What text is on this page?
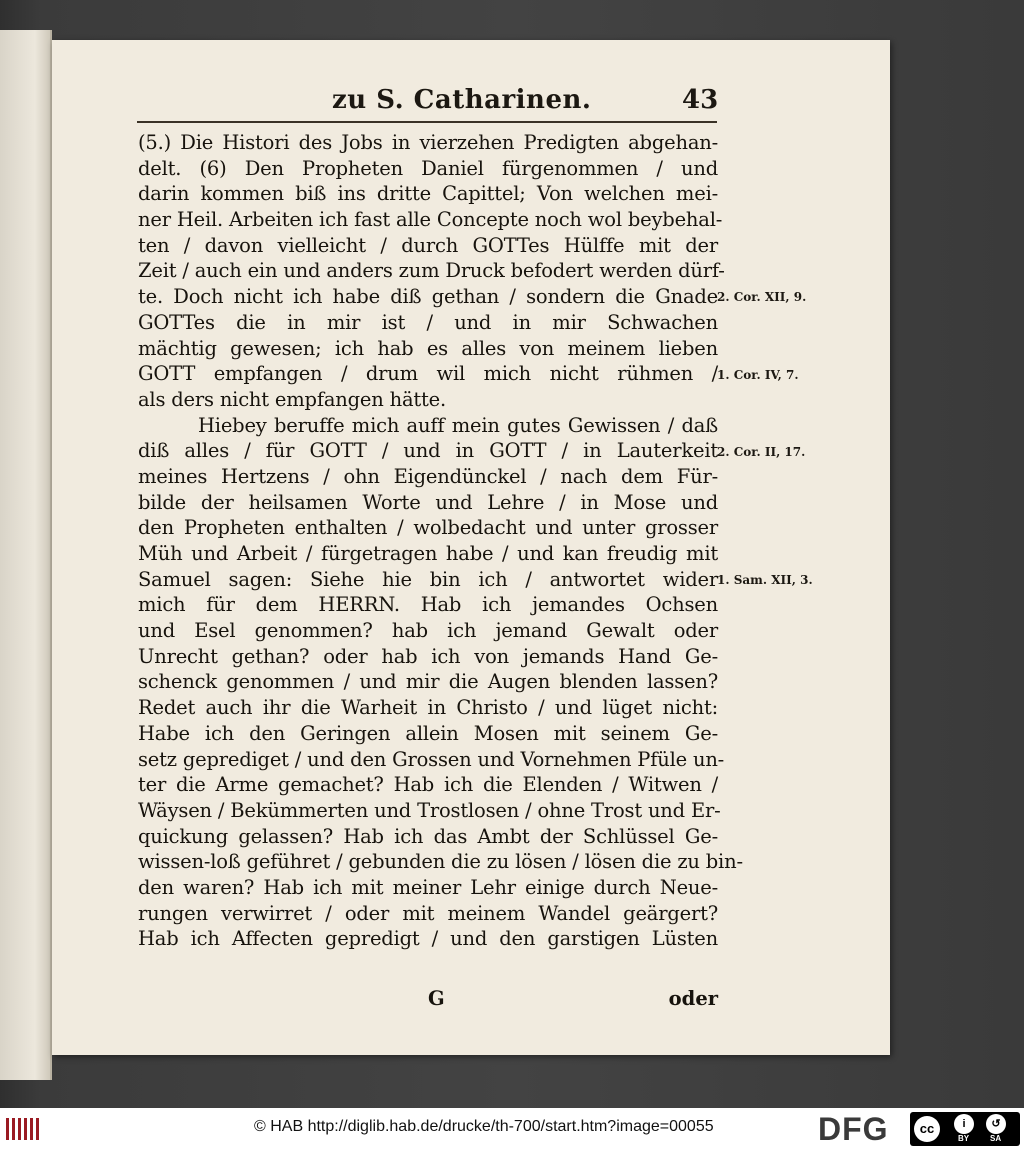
zu S. Catharinen.	43
(5.) Die Histori des Jobs in vierzehen Predigten abgehan-
delt. (6) Den Propheten Daniel fürgenommen / und
darin kommen biß ins dritte Capittel; Von welchen mei-
ner Heil. Arbeiten ich fast alle Concepte noch wol beybehal-
ten / davon vielleicht / durch GOTTes Hülffe mit der
Zeit / auch ein und anders zum Druck befodert werden dürf-
te. Doch nicht ich habe diß gethan / sondern die Gnade
GOTTes die in mir ist / und in mir Schwachen
mächtig gewesen; ich hab es alles von meinem lieben
GOTT empfangen / drum wil mich nicht rühmen /
als ders nicht empfangen hätte.
Hiebey beruffe mich auff mein gutes Gewissen / daß
diß alles / für GOTT / und in GOTT / in Lauterkeit
meines Hertzens / ohn Eigendünckel / nach dem Für-
bilde der heilsamen Worte und Lehre / in Mose und
den Propheten enthalten / wolbedacht und unter grosser
Müh und Arbeit / fürgetragen habe / und kan freudig mit
Samuel sagen: Siehe hie bin ich / antwortet wider
mich für dem HERRN. Hab ich jemandes Ochsen
und Esel genommen? hab ich jemand Gewalt oder
Unrecht gethan? oder hab ich von jemands Hand Ge-
schenck genommen / und mir die Augen blenden lassen?
Redet auch ihr die Warheit in Christo / und lüget nicht:
Habe ich den Geringen allein Mosen mit seinem Ge-
setz geprediget / und den Grossen und Vornehmen Pfüle un-
ter die Arme gemachet? Hab ich die Elenden / Witwen /
Wäysen / Bekümmerten und Trostlosen / ohne Trost und Er-
quickung gelassen? Hab ich das Ambt der Schlüssel Ge-
wissen-loß geführet / gebunden die zu lösen / lösen die zu bin-
den waren? Hab ich mit meiner Lehr einige durch Neue-
rungen verwirret / oder mit meinem Wandel geärgert?
Hab ich Affecten gepredigt / und den garstigen Lüsten
G	oder
2. Cor. XII, 9.
1. Cor. IV, 7.
2. Cor. II, 17.
1. Sam. XII, 3.
© HAB http://diglib.hab.de/drucke/th-700/start.htm?image=00055	DFG	cc	i	↺
BY	SA
